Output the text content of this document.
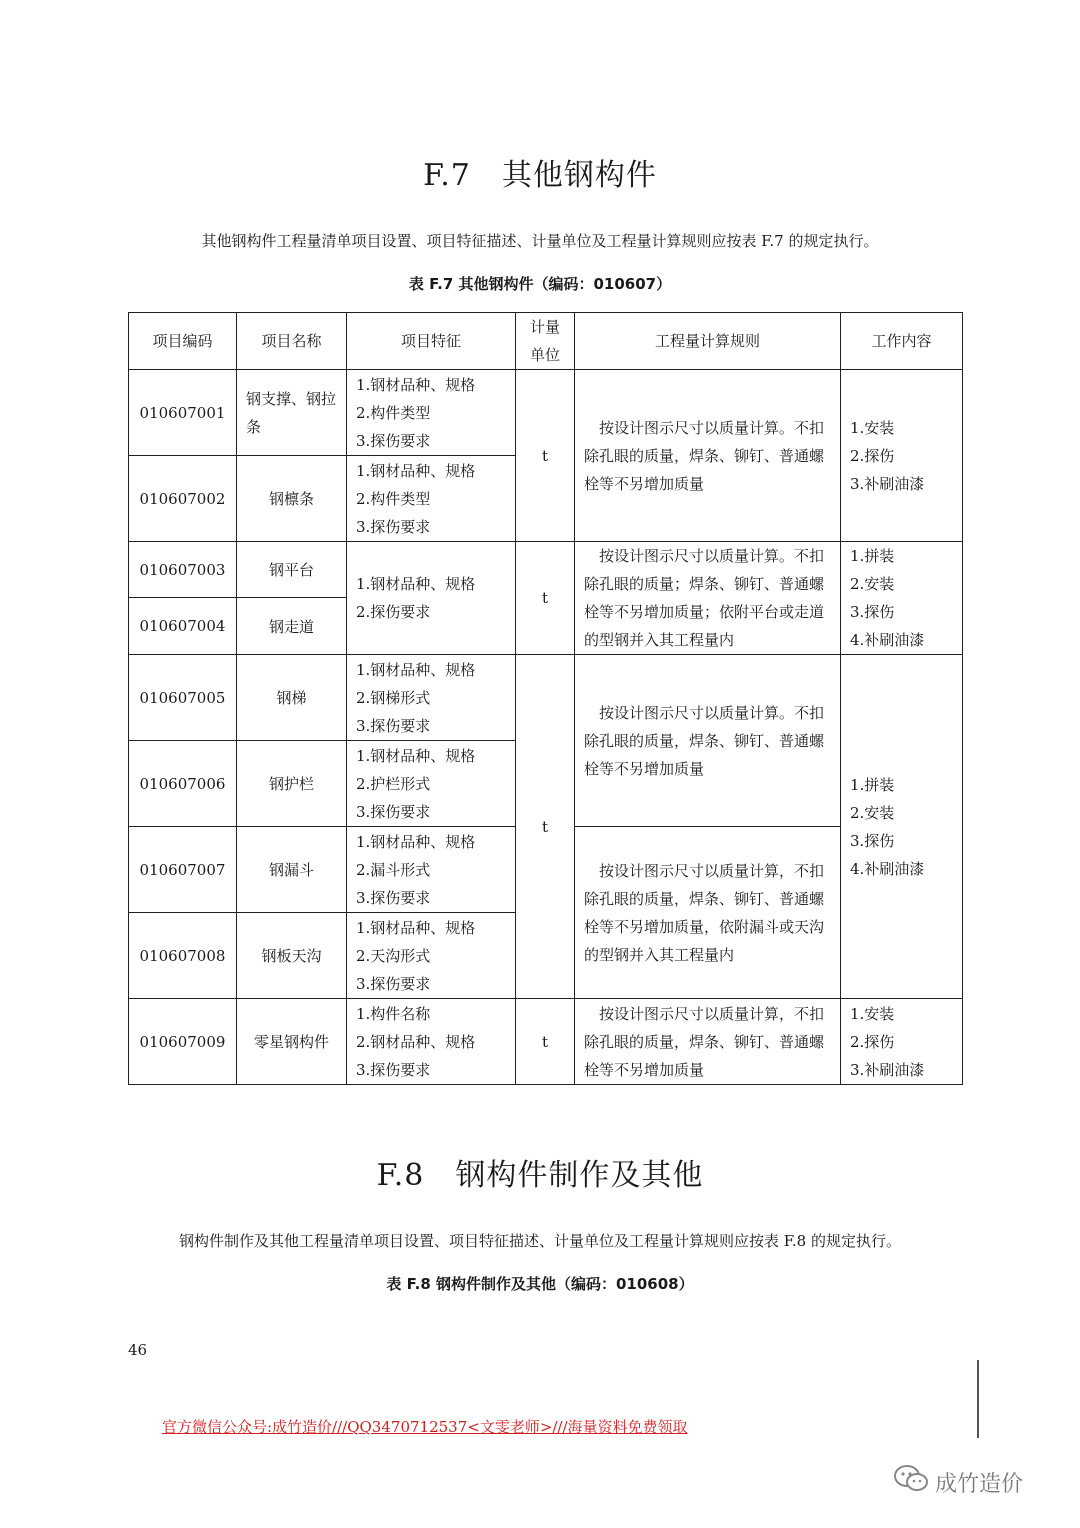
F.7　其他钢构件
其他钢构件工程量清单项目设置、项目特征描述、计量单位及工程量计算规则应按表 F.7 的规定执行。
表 F.7 其他钢构件（编码：010607）
项目编码	项目名称	项目特征	计量
单位	工程量计算规则	工作内容
010607001	钢支撑、钢拉条	1.钢材品种、规格
2.构件类型
3.探伤要求	t	　按设计图示尺寸以质量计算。不扣除孔眼的质量，焊条、铆钉、普通螺栓等不另增加质量	1.安装
2.探伤
3.补刷油漆
010607002	钢檩条	1.钢材品种、规格
2.构件类型
3.探伤要求			
010607003	钢平台	1.钢材品种、规格
2.探伤要求	t	　按设计图示尺寸以质量计算。不扣除孔眼的质量；焊条、铆钉、普通螺栓等不另增加质量；依附平台或走道的型钢并入其工程量内	1.拼装
2.安装
3.探伤
4.补刷油漆
010607004	钢走道				
010607005	钢梯	1.钢材品种、规格
2.钢梯形式
3.探伤要求	t	　按设计图示尺寸以质量计算。不扣除孔眼的质量，焊条、铆钉、普通螺栓等不另增加质量	1.拼装
2.安装
3.探伤
4.补刷油漆
010607006	钢护栏	1.钢材品种、规格
2.护栏形式
3.探伤要求			
010607007	钢漏斗	1.钢材品种、规格
2.漏斗形式
3.探伤要求		　按设计图示尺寸以质量计算，不扣除孔眼的质量，焊条、铆钉、普通螺栓等不另增加质量，依附漏斗或天沟的型钢并入其工程量内	
010607008	钢板天沟	1.钢材品种、规格
2.天沟形式
3.探伤要求			
010607009	零星钢构件	1.构件名称
2.钢材品种、规格
3.探伤要求	t	　按设计图示尺寸以质量计算，不扣除孔眼的质量，焊条、铆钉、普通螺栓等不另增加质量	1.安装
2.探伤
3.补刷油漆
F.8　钢构件制作及其他
钢构件制作及其他工程量清单项目设置、项目特征描述、计量单位及工程量计算规则应按表 F.8 的规定执行。
表 F.8 钢构件制作及其他（编码：010608）
46
官方微信公众号:成竹造价///QQ3470712537<文雯老师>///海量资料免费领取
成竹造价
